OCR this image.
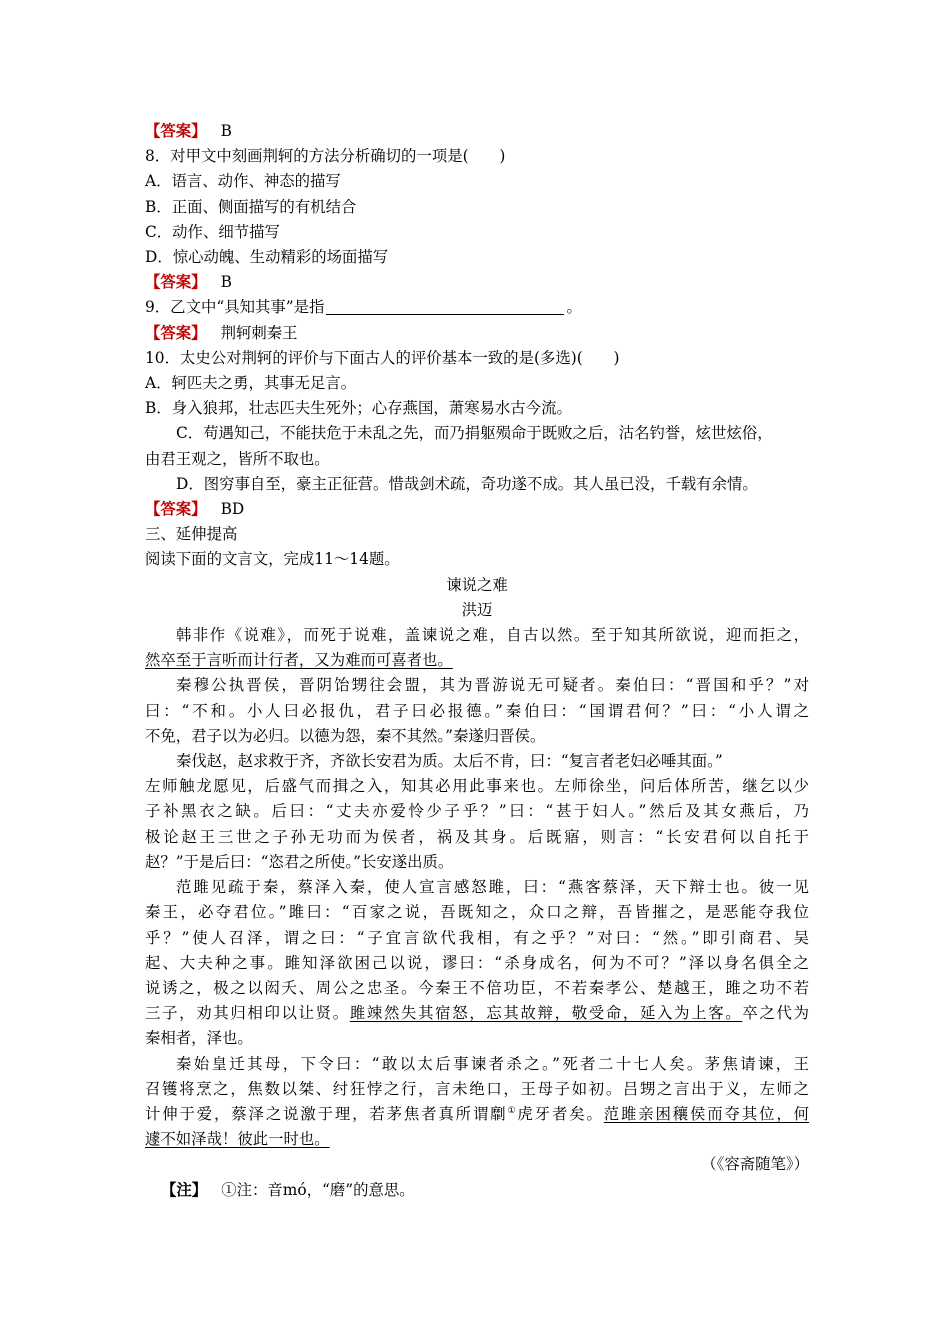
【答案】 B
8．对甲文中刻画荆轲的方法分析确切的一项是(　　)
A．语言、动作、神态的描写
B．正面、侧面描写的有机结合
C．动作、细节描写
D．惊心动魄、生动精彩的场面描写
【答案】 B
9．乙文中“具知其事”是指	。
【答案】 荆轲刺秦王
10．太史公对荆轲的评价与下面古人的评价基本一致的是(多选)(　　)
A．轲匹夫之勇，其事无足言。
B．身入狼邦，壮志匹夫生死外；心存燕国，萧寒易水古今流。
C．苟遇知己，不能扶危于未乱之先，而乃捐躯殒命于既败之后，沽名钓誉，炫世炫俗，
由君王观之，皆所不取也。
D．图穷事自至，豪主正征营。惜哉剑术疏，奇功遂不成。其人虽已没，千载有余情。
【答案】 BD
三、延伸提高
阅读下面的文言文，完成11～14题。
谏说之难
洪迈
韩非作《说难》，而死于说难，盖谏说之难，自古以然。至于知其所欲说，迎而拒之，
然卒至于言听而计行者，又为难而可喜者也。
秦穆公执晋侯，晋阴饴甥往会盟，其为晋游说无可疑者。秦伯曰：“晋国和乎？”对
曰：“不和。小人曰必报仇，君子曰必报德。”秦伯曰：“国谓君何？”曰：“小人谓之
不免，君子以为必归。以德为怨，秦不其然。”秦遂归晋侯。
秦伐赵，赵求救于齐，齐欲长安君为质。太后不肯，曰：“复言者老妇必唾其面。”
左师触龙愿见，后盛气而揖之入，知其必用此事来也。左师徐坐，问后体所苦，继乞以少
子补黑衣之缺。后曰：“丈夫亦爱怜少子乎？”曰：“甚于妇人。”然后及其女燕后，乃
极论赵王三世之子孙无功而为侯者，祸及其身。后既寤，则言：“长安君何以自托于
赵？”于是后曰：“恣君之所使。”长安遂出质。
范雎见疏于秦，蔡泽入秦，使人宣言感怒雎，曰：“燕客蔡泽，天下辩士也。彼一见
秦王，必夺君位。”雎曰：“百家之说，吾既知之，众口之辩，吾皆摧之，是恶能夺我位
乎？”使人召泽，谓之曰：“子宜言欲代我相，有之乎？”对曰：“然。”即引商君、吴
起、大夫种之事。雎知泽欲困己以说，谬曰：“杀身成名，何为不可？”泽以身名俱全之
说诱之，极之以闳夭、周公之忠圣。今秦王不倍功臣，不若秦孝公、楚越王，雎之功不若
三子，劝其归相印以让贤。雎竦然失其宿怒，忘其故辩，敬受命，延入为上客。卒之代为
秦相者，泽也。
秦始皇迁其母，下令曰：“敢以太后事谏者杀之。”死者二十七人矣。茅焦请谏，王
召镬将烹之，焦数以桀、纣狂悖之行，言未绝口，王母子如初。吕甥之言出于义，左师之
计伸于爱，蔡泽之说激于理，若茅焦者真所谓劘①虎牙者矣。范雎亲困穰侯而夺其位，何
遽不如泽哉！彼此一时也。
（《容斋随笔》）
【注】 ①注：音mó，“磨”的意思。
